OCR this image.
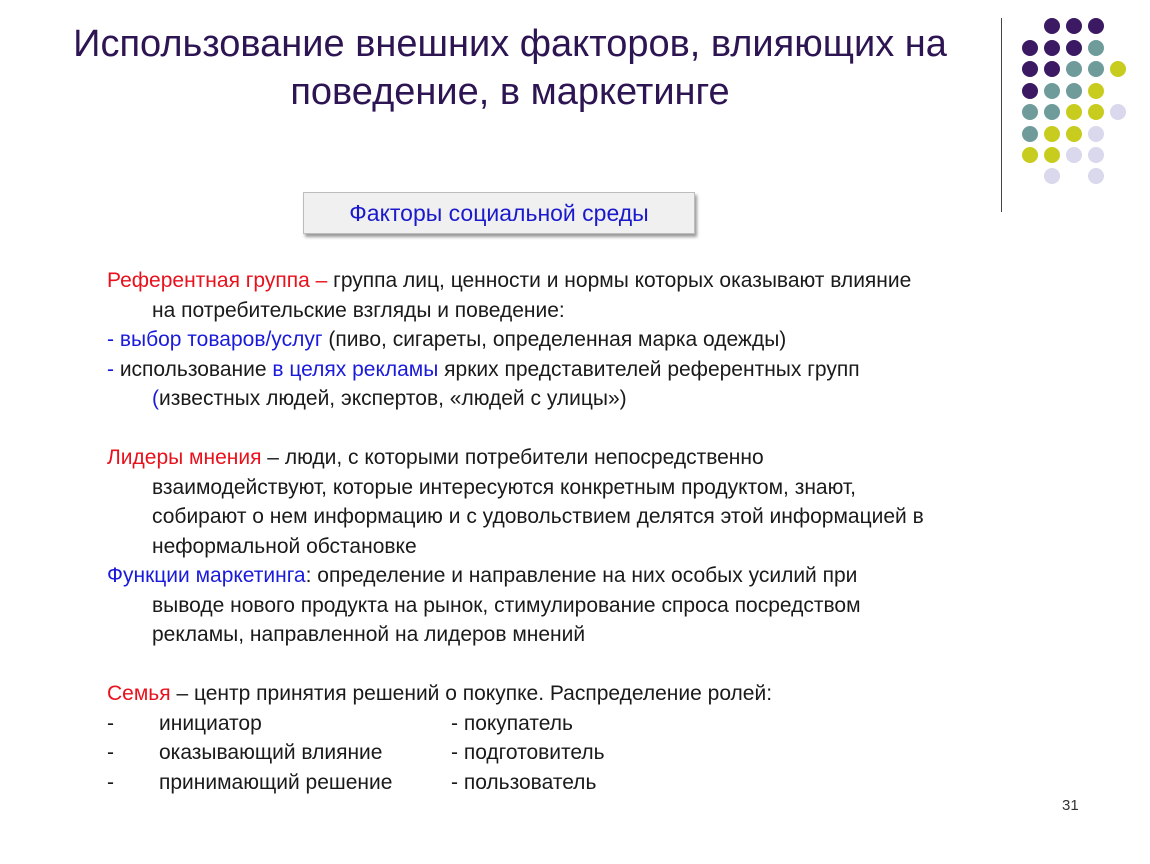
Использование внешних факторов, влияющих на поведение, в маркетинге
Факторы социальной среды

Референтная группа – группа лиц, ценности и нормы которых оказывают влияние

на потребительские взгляды и поведение:

- выбор товаров/услуг (пиво, сигареты, определенная марка одежды)

- использование в целях рекламы ярких представителей референтных групп

(известных людей, экспертов, «людей с улицы»)

Лидеры мнения – люди, с которыми потребители непосредственно

взаимодействуют, которые интересуются конкретным продуктом, знают,

собирают о нем информацию и с удовольствием делятся этой информацией в

неформальной обстановке

Функции маркетинга: определение и направление на них особых усилий при

выводе нового продукта на рынок, стимулирование спроса посредством

рекламы, направленной на лидеров мнений

Семья – центр принятия решений о покупке. Распределение ролей:

-	инициатор	- покупатель
-	оказывающий влияние	- подготовитель
-	принимающий решение	- пользователь
31
